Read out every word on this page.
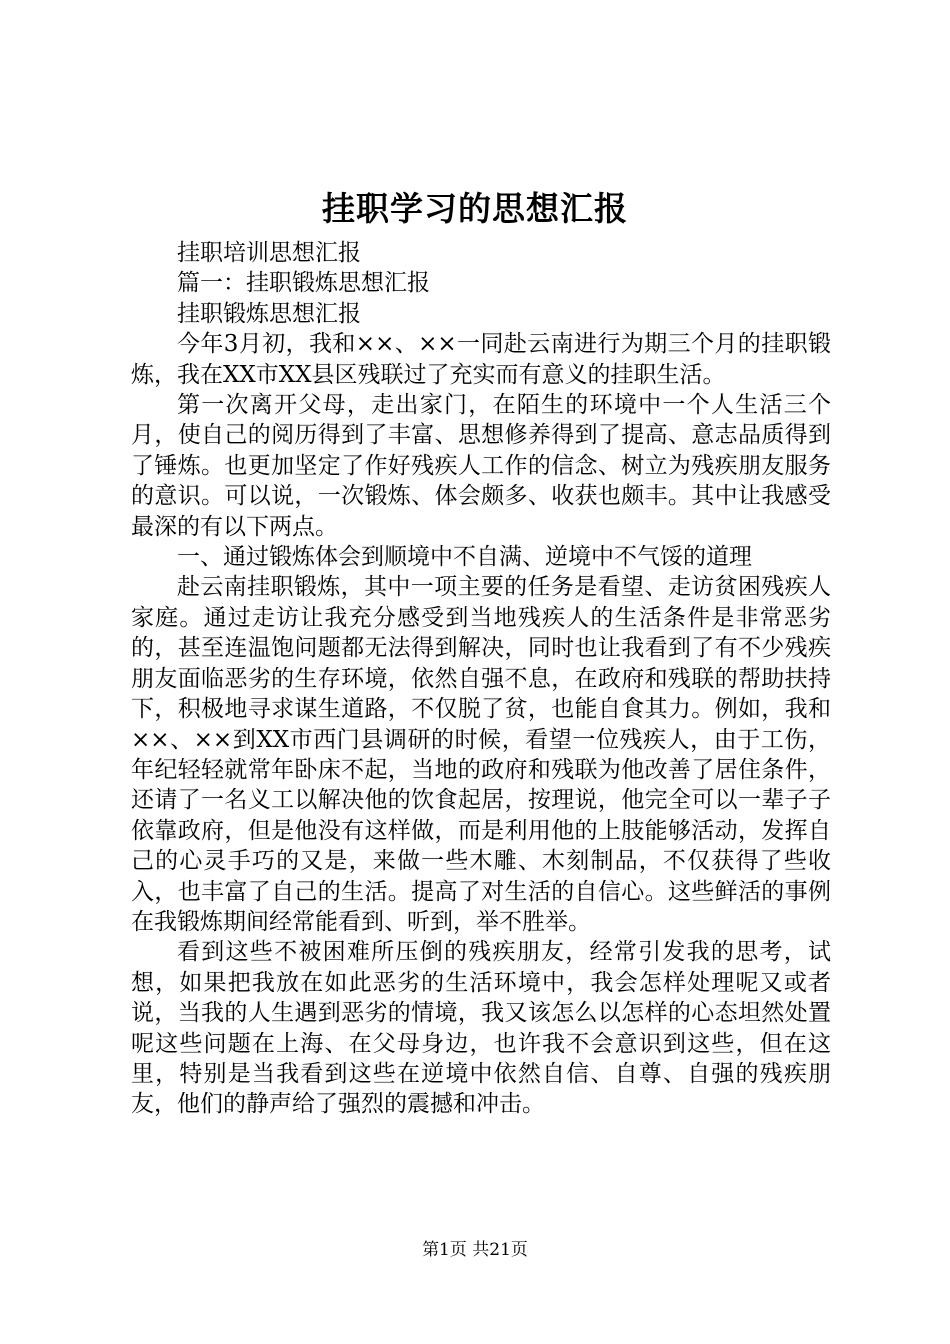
挂职学习的思想汇报

挂职培训思想汇报

篇一：挂职锻炼思想汇报

挂职锻炼思想汇报

今年3月初，我和××、××一同赴云南进行为期三个月的挂职锻炼，我在XX市XX县区残联过了充实而有意义的挂职生活。

第一次离开父母，走出家门，在陌生的环境中一个人生活三个月，使自己的阅历得到了丰富、思想修养得到了提高、意志品质得到了锤炼。也更加坚定了作好残疾人工作的信念、树立为残疾朋友服务的意识。可以说，一次锻炼、体会颇多、收获也颇丰。其中让我感受最深的有以下两点。

一、通过锻炼体会到顺境中不自满、逆境中不气馁的道理

赴云南挂职锻炼，其中一项主要的任务是看望、走访贫困残疾人家庭。通过走访让我充分感受到当地残疾人的生活条件是非常恶劣的，甚至连温饱问题都无法得到解决，同时也让我看到了有不少残疾朋友面临恶劣的生存环境，依然自强不息，在政府和残联的帮助扶持下，积极地寻求谋生道路，不仅脱了贫，也能自食其力。例如，我和××、××到XX市西门县调研的时候，看望一位残疾人，由于工伤，年纪轻轻就常年卧床不起，当地的政府和残联为他改善了居住条件，还请了一名义工以解决他的饮食起居，按理说，他完全可以一辈子子依靠政府，但是他没有这样做，而是利用他的上肢能够活动，发挥自己的心灵手巧的又是，来做一些木雕、木刻制品，不仅获得了些收入，也丰富了自己的生活。提高了对生活的自信心。这些鲜活的事例在我锻炼期间经常能看到、听到，举不胜举。

看到这些不被困难所压倒的残疾朋友，经常引发我的思考，试想，如果把我放在如此恶劣的生活环境中，我会怎样处理呢又或者说，当我的人生遇到恶劣的情境，我又该怎么以怎样的心态坦然处置呢这些问题在上海、在父母身边，也许我不会意识到这些，但在这里，特别是当我看到这些在逆境中依然自信、自尊、自强的残疾朋友，他们的静声给了强烈的震撼和冲击。

第1页 共21页
